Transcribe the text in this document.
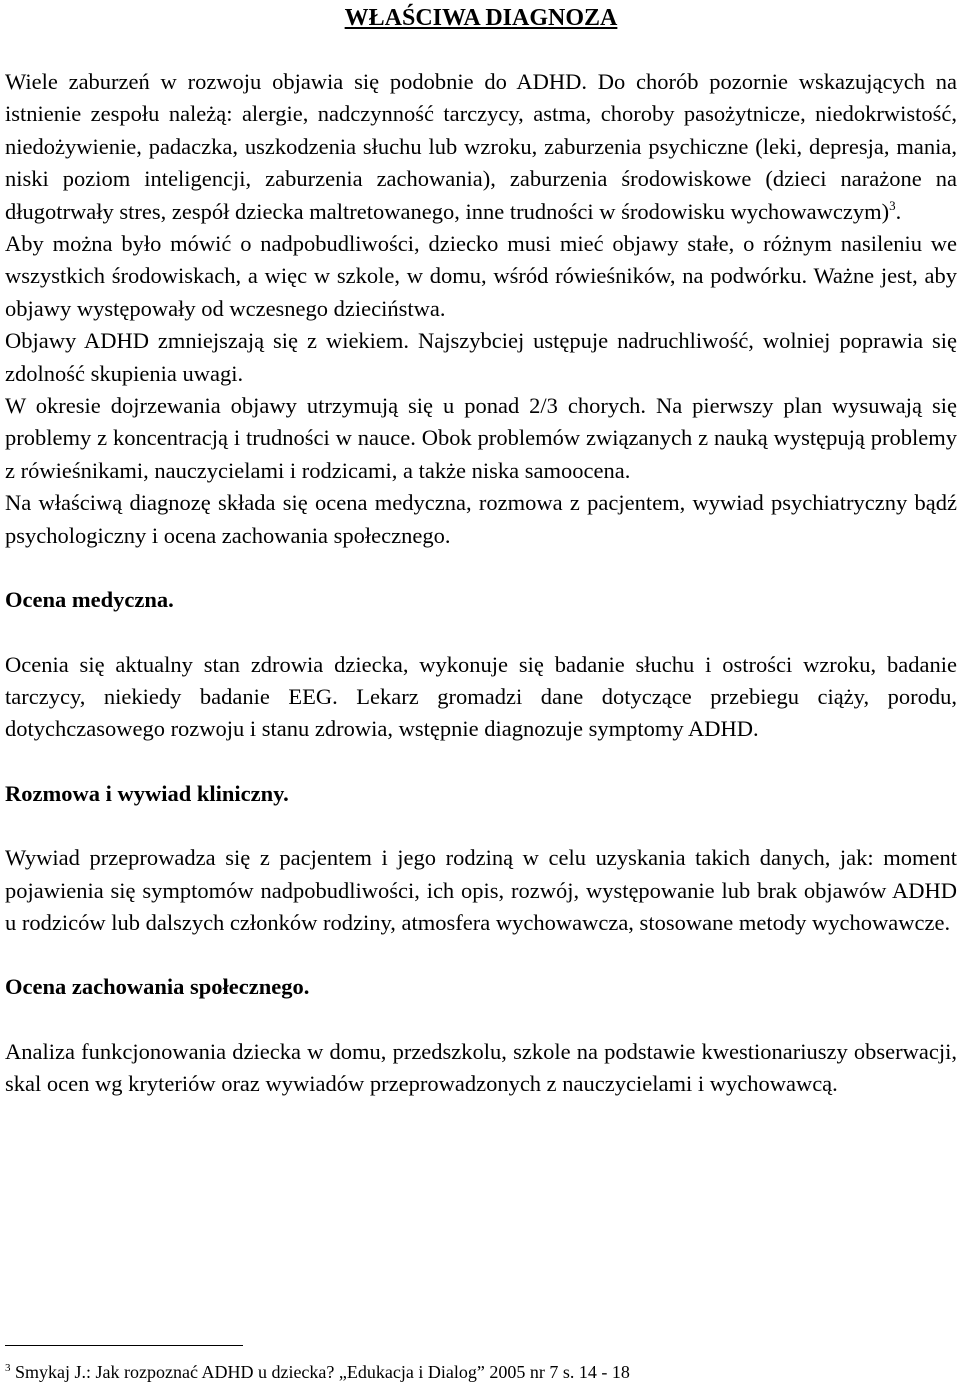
WŁAŚCIWA DIAGNOZA

Wiele zaburzeń w rozwoju objawia się podobnie do ADHD. Do chorób pozornie wskazujących na istnienie zespołu należą: alergie, nadczynność tarczycy, astma, choroby pasożytnicze, niedokrwistość, niedożywienie, padaczka, uszkodzenia słuchu lub wzroku, zaburzenia psychiczne (leki, depresja, mania, niski poziom inteligencji, zaburzenia zachowania), zaburzenia środowiskowe (dzieci narażone na długotrwały stres, zespół dziecka maltretowanego, inne trudności w środowisku wychowawczym)$^3$.

Aby można było mówić o nadpobudliwości, dziecko musi mieć objawy stałe, o różnym nasileniu we wszystkich środowiskach, a więc w szkole, w domu, wśród rówieśników, na podwórku. Ważne jest, aby objawy występowały od wczesnego dzieciństwa.

Objawy ADHD zmniejszają się z wiekiem. Najszybciej ustępuje nadruchliwość, wolniej poprawia się zdolność skupienia uwagi.

W okresie dojrzewania objawy utrzymują się u ponad 2/3 chorych. Na pierwszy plan wysuwają się problemy z koncentracją i trudności w nauce. Obok problemów związanych z nauką występują problemy z rówieśnikami, nauczycielami i rodzicami, a także niska samoocena.

Na właściwą diagnozę składa się ocena medyczna, rozmowa z pacjentem, wywiad psychiatryczny bądź psychologiczny i ocena zachowania społecznego.

Ocena medyczna.

Ocenia się aktualny stan zdrowia dziecka, wykonuje się badanie słuchu i ostrości wzroku, badanie tarczycy, niekiedy badanie EEG. Lekarz gromadzi dane dotyczące przebiegu ciąży, porodu, dotychczasowego rozwoju i stanu zdrowia, wstępnie diagnozuje symptomy ADHD.

Rozmowa i wywiad kliniczny.

Wywiad przeprowadza się z pacjentem i jego rodziną w celu uzyskania takich danych, jak: moment pojawienia się symptomów nadpobudliwości, ich opis, rozwój, występowanie lub brak objawów ADHD u rodziców lub dalszych członków rodziny, atmosfera wychowawcza, stosowane metody wychowawcze.

Ocena zachowania społecznego.

Analiza funkcjonowania dziecka w domu, przedszkolu, szkole na podstawie kwestionariuszy obserwacji, skal ocen wg kryteriów oraz wywiadów przeprowadzonych z nauczycielami i wychowawcą.

$^3$ Smykaj J.: Jak rozpoznać ADHD u dziecka? „Edukacja i Dialog” 2005 nr 7 s. 14 - 18
